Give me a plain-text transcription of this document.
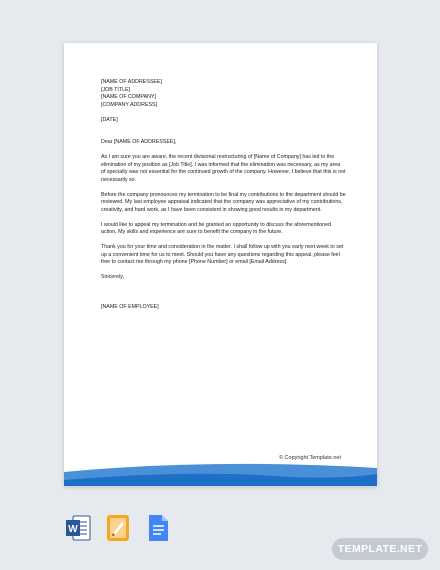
[NAME OF ADDRESSEE]
[JOB TITLE]
[NAME OF COMPANY]
[COMPANY ADDRESS]

[DATE]

Dear [NAME OF ADDRESSEE],

As I am sure you are aware, the recent divisional restructuring of [Name of Company] has led to the elimination of my position as [Job Title]. I was informed that the elimination was necessary, as my area of specialty was not essential for the continued growth of the company. However, I believe that this is not necessarily so.

Before the company pronounces my termination to be final my contributions to the department should be reviewed. My last employee appraisal indicated that the company was appreciative of my contributions, creativity, and hard work, as I have been consistent in showing good results in my department.

I would like to appeal my termination and be granted an opportunity to discuss the aforementioned action. My skills and experience are sure to benefit the company in the future.

Thank you for your time and consideration in the matter. I shall follow up with you early next week to set up a convenient time for us to meet. Should you have any questions regarding this appeal, please feel free to contact me through my phone [Phone Number] or email [Email Address].

Sincerely,

[NAME OF EMPLOYEE]

© Copyright Template.net
W
TEMPLATE.NET
